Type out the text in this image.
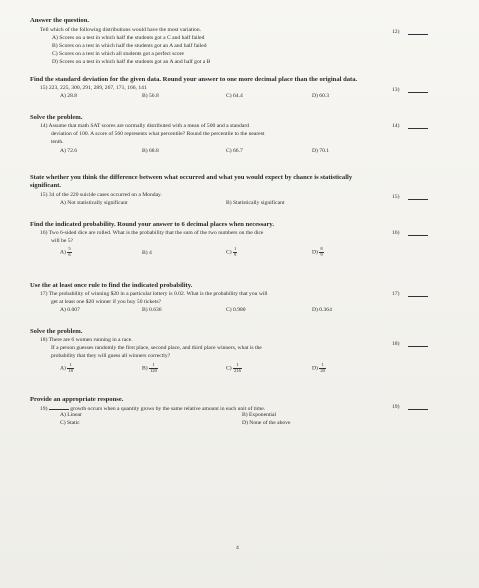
Answer the question.
Tell which of the following distributions would have the most variation.	12)
A) Scores on a test in which half the students got a C and half failed
B) Scores on a test in which half the students got an A and half failed
C) Scores on a test in which all students got a perfect score
D) Scores on a test in which half the students got an A and half got a B
Find the standard deviation for the given data. Round your answer to one more decimal place than the original data.
15) 223, 225, 300, 291, 289, 267, 171, 166, 141	13)
A) 28.8	B) 56.8	C) 64.4	D) 60.3
Solve the problem.
14) Assume that math SAT scores are normally distributed with a mean of 500 and a standard	14)
deviation of 100. A score of 560 represents what percentile? Round the percentile to the nearest
tenth.
A) 72.6	B) 68.8	C) 66.7	D) 70.1
State whether you think the difference between what occurred and what you would expect by chance is statistically
significant.
15) 34 of the 220 suicide cases occurred on a Monday.	15)
A) Not statistically significant	B) Statistically significant
Find the indicated probability. Round your answer to 6 decimal places when necessary.
16) Two 6-sided dice are rolled. What is the probability that the sum of the two numbers on the dice	16)
will be 5?
$A) \frac{5}{6}$	B) 4	$C) \frac{1}{9}$	$D) \frac{8}{9}$
Use the at least once rule to find the indicated probability.
17) The probability of winning $20 in a particular lottery is 0.02. What is the probability that you will	17)
get at least one $20 winner if you buy 50 tickets?
A) 0.007	B) 0.636	C) 0.980	D) 0.364
Solve the problem.
18) There are 6 women running in a race.
18)
If a person guesses randomly the first place, second place, and third place winners, what is the
probability that they will guess all winners correctly?
$A) \frac{1}{18}$	$B) \frac{1}{120}$	$C) \frac{1}{216}$	$D) \frac{1}{20}$
Provide an appropriate response.
19)	growth occurs when a quantity grows by the same relative amount in each unit of time.	19)
A) Linear	B) Exponential
C) Static	D) None of the above
4
